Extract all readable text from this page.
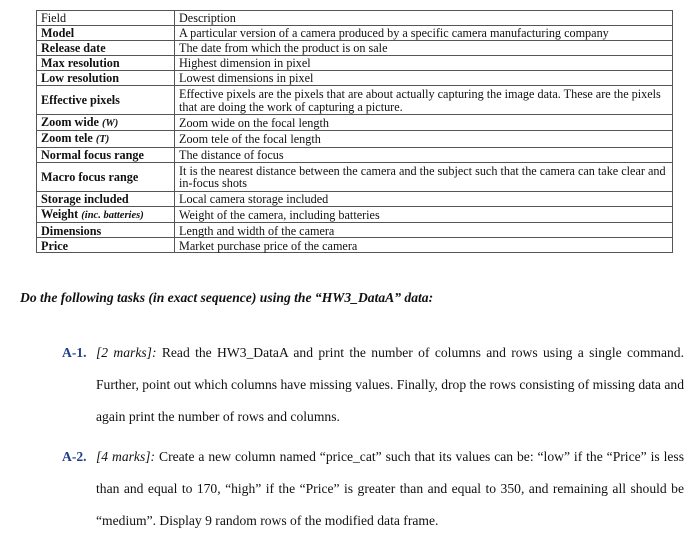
Field	Description
Model	A particular version of a camera produced by a specific camera manufacturing company
Release date	The date from which the product is on sale
Max resolution	Highest dimension in pixel
Low resolution	Lowest dimensions in pixel
Effective pixels	Effective pixels are the pixels that are about actually capturing the image data. These are the pixels that are doing the work of capturing a picture.
Zoom wide (W)	Zoom wide on the focal length
Zoom tele (T)	Zoom tele of the focal length
Normal focus range	The distance of focus
Macro focus range	It is the nearest distance between the camera and the subject such that the camera can take clear and in-focus shots
Storage included	Local camera storage included
Weight (inc. batteries)	Weight of the camera, including batteries
Dimensions	Length and width of the camera
Price	Market purchase price of the camera
Do the following tasks (in exact sequence) using the “HW3_DataA” data:
A-1. [2 marks]: Read the HW3_DataA and print the number of columns and rows using a single command. Further, point out which columns have missing values. Finally, drop the rows consisting of missing data and again print the number of rows and columns.
A-2. [4 marks]: Create a new column named “price_cat” such that its values can be: “low” if the “Price” is less than and equal to 170, “high” if the “Price” is greater than and equal to 350, and remaining all should be “medium”. Display 9 random rows of the modified data frame.
